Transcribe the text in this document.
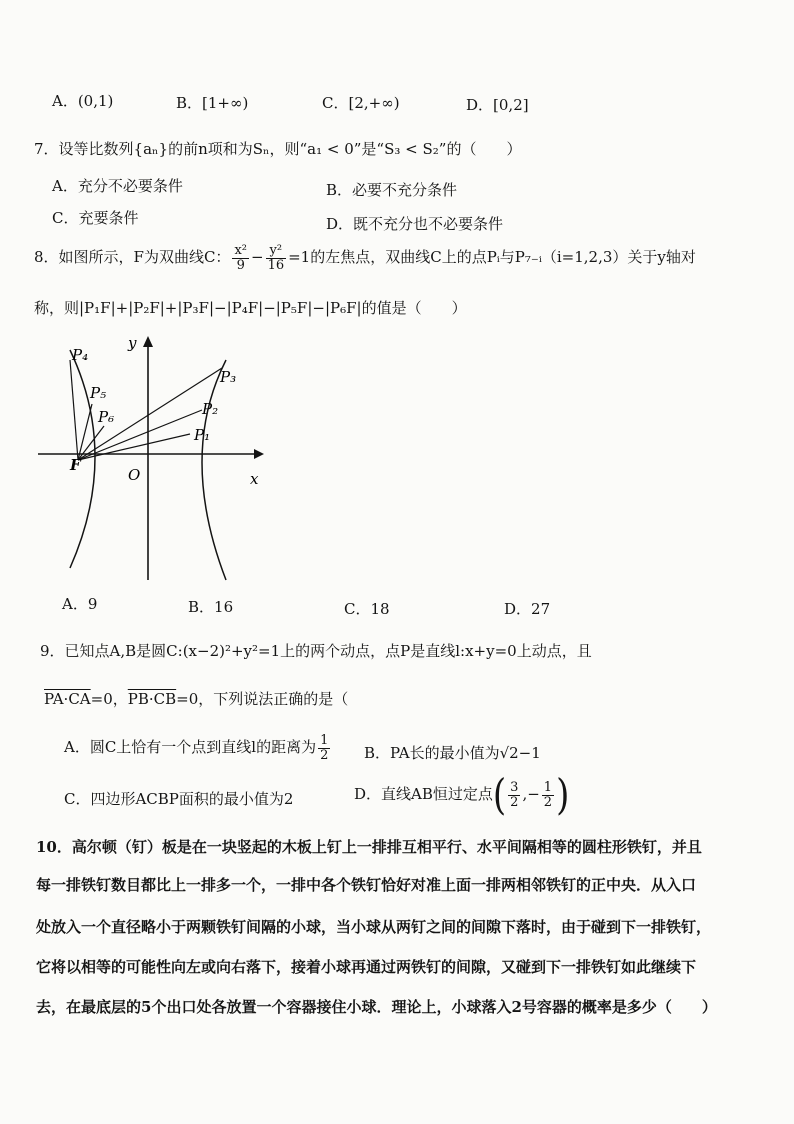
A．(0,1)	B．[1+∞)	C．[2,+∞)	D．[0,2]
7．设等比数列{aₙ}的前n项和为Sₙ，则“a₁ < 0”是“S₃ < S₂”的（　　）
A．充分不必要条件	B．必要不充分条件
C．充要条件	D．既不充分也不必要条件
8．如图所示，F为双曲线C： $\frac{\text{x²}}{9} - \frac{\text{y²}}{16} =1$的左焦点，双曲线C上的点Pᵢ与P₇₋ᵢ（i=1,2,3）关于y轴对
称，则|P₁F|+|P₂F|+|P₃F|−|P₄F|−|P₅F|−|P₆F|的值是（　　）
P₄
P₅
P₆
P₃
P₂
P₁
F
O	x
y
A．9	B．16	C．18	D．27
9．已知点A,B是圆C:(x−2)²+y²=1上的两个动点，点P是直线l:x+y=0上动点，且
PA·CA=0，PB·CB=0，下列说法正确的是（
A．圆C上恰有一个点到直线l的距离为 $\frac{1}{2}$ B．PA长的最小值为√2−1
C．四边形ACBP面积的最小值为2	D．直线AB恒过定点( $\frac{3}{2}$ ,− $\frac{1}{2}$ )
10．高尔顿（钉）板是在一块竖起的木板上钉上一排排互相平行、水平间隔相等的圆柱形铁钉，并且
每一排铁钉数目都比上一排多一个，一排中各个铁钉恰好对准上面一排两相邻铁钉的正中央．从入口
处放入一个直径略小于两颗铁钉间隔的小球，当小球从两钉之间的间隙下落时，由于碰到下一排铁钉，
它将以相等的可能性向左或向右落下，接着小球再通过两铁钉的间隙，又碰到下一排铁钉如此继续下
去，在最底层的5个出口处各放置一个容器接住小球．理论上，小球落入2号容器的概率是多少（　　）
